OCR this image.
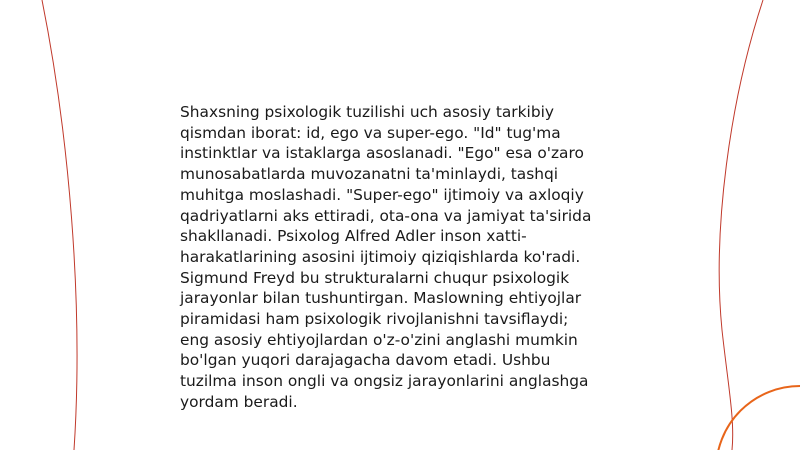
Shaxsning psixologik tuzilishi uch asosiy tarkibiy
qismdan iborat: id, ego va super-ego. "Id" tug'ma
instinktlar va istaklarga asoslanadi. "Ego" esa o'zaro
munosabatlarda muvozanatni ta'minlaydi, tashqi
muhitga moslashadi. "Super-ego" ijtimoiy va axloqiy
qadriyatlarni aks ettiradi, ota-ona va jamiyat ta'sirida
shakllanadi. Psixolog Alfred Adler inson xatti-
harakatlarining asosini ijtimoiy qiziqishlarda ko'radi.
Sigmund Freyd bu strukturalarni chuqur psixologik
jarayonlar bilan tushuntirgan. Maslowning ehtiyojlar
piramidasi ham psixologik rivojlanishni tavsiflaydi;
eng asosiy ehtiyojlardan o'z-o'zini anglashi mumkin
bo'lgan yuqori darajagacha davom etadi. Ushbu
tuzilma inson ongli va ongsiz jarayonlarini anglashga
yordam beradi.
